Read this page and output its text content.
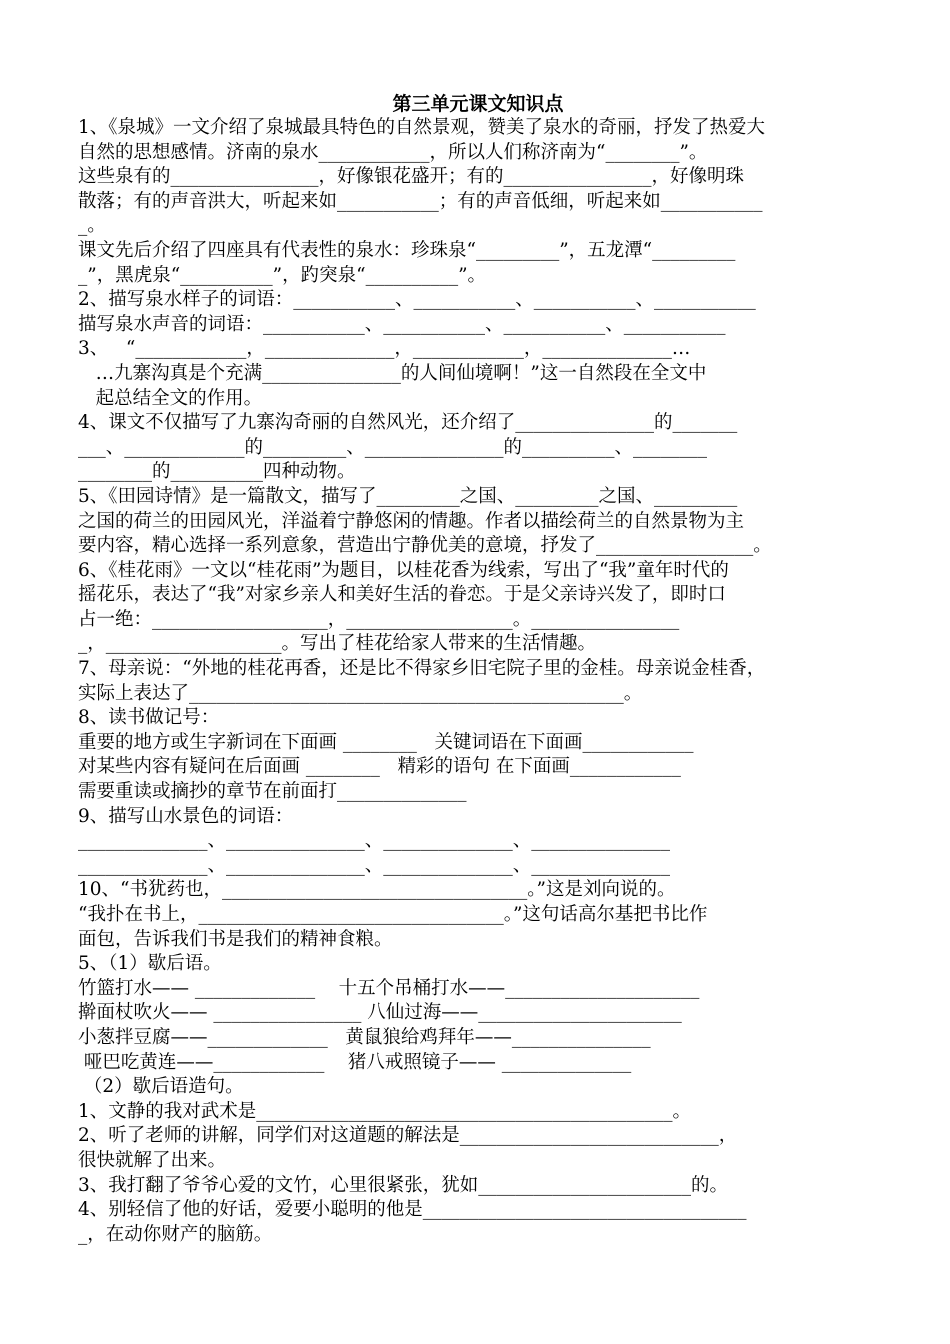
第三单元课文知识点
1、《泉城》一文介绍了泉城最具特色的自然景观，赞美了泉水的奇丽，抒发了热爱大
自然的思想感情。济南的泉水____________，所以人们称济南为“________”。
这些泉有的________________，好像银花盛开；有的________________，好像明珠
散落；有的声音洪大，听起来如___________；有的声音低细，听起来如___________
_。
课文先后介绍了四座具有代表性的泉水：珍珠泉“_________”，五龙潭“_________
_”，黑虎泉“__________”，趵突泉“__________”。
2、描写泉水样子的词语：___________、___________、___________、___________
描写泉水声音的词语：___________、___________、___________、___________
3、   “____________，______________，____________，______________…
…九寨沟真是个充满_______________的人间仙境啊！”这一自然段在全文中
起总结全文的作用。
4、课文不仅描写了九寨沟奇丽的自然风光，还介绍了_______________的_______
___、_____________的_________、_______________的__________、________
________的__________四种动物。
5、《田园诗情》是一篇散文，描写了_________之国、_________之国、_________
之国的荷兰的田园风光，洋溢着宁静悠闲的情趣。作者以描绘荷兰的自然景物为主
要内容，精心选择一系列意象，营造出宁静优美的意境，抒发了_________________。
6、《桂花雨》一文以“桂花雨”为题目，以桂花香为线索，写出了“我”童年时代的
摇花乐，表达了“我”对家乡亲人和美好生活的眷恋。于是父亲诗兴发了，即时口
占一绝：___________________，__________________。________________
_，___________________。写出了桂花给家人带来的生活情趣。
7、母亲说：“外地的桂花再香，还是比不得家乡旧宅院子里的金桂。母亲说金桂香，
实际上表达了_______________________________________________。
8、读书做记号：
重要的地方或生字新词在下面画 ________   关键词语在下面画____________
对某些内容有疑问在后面画 ________   精彩的语句 在下面画____________
需要重读或摘抄的章节在前面打______________
9、描写山水景色的词语：
______________、_______________、______________、_______________
______________、_______________、______________、_______________
10、“书犹药也，_________________________________。”这是刘向说的。
“我扑在书上，_________________________________。”这句话高尔基把书比作
面包，告诉我们书是我们的精神食粮。
5、（1）歇后语。
竹篮打水—— _____________    十五个吊桶打水——_____________________
擀面杖吹火—— ________________ 八仙过海——______________________
小葱拌豆腐——_____________   黄鼠狼给鸡拜年——_______________
哑巴吃黄连——____________    猪八戒照镜子—— ______________
（2）歇后语造句。
1、文静的我对武术是_____________________________________________。
2、听了老师的讲解，同学们对这道题的解法是____________________________，
很快就解了出来。
3、我打翻了爷爷心爱的文竹，心里很紧张，犹如_______________________的。
4、别轻信了他的好话，爱要小聪明的他是___________________________________
_，在动你财产的脑筋。
